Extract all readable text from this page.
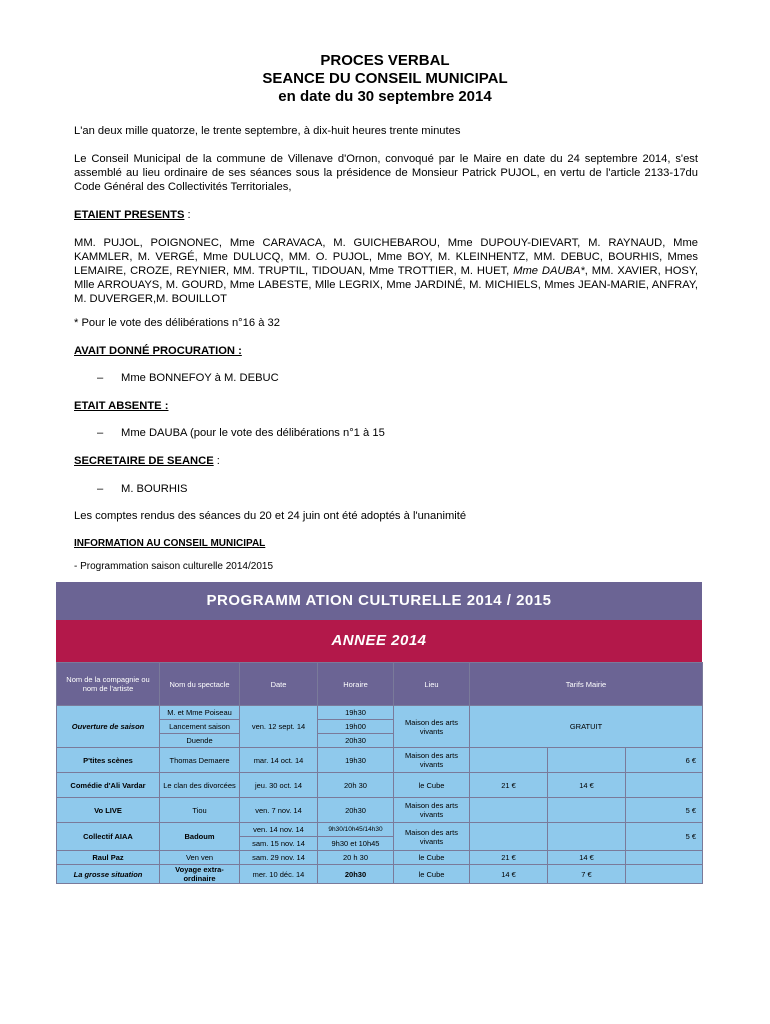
PROCES VERBAL
SEANCE DU CONSEIL MUNICIPAL
en date du 30 septembre 2014
L'an deux mille quatorze, le trente septembre, à dix-huit heures trente minutes
Le Conseil Municipal de la commune de Villenave d'Ornon, convoqué par le Maire en date du 24 septembre 2014, s'est assemblé au lieu ordinaire de ses séances sous la présidence de Monsieur Patrick PUJOL, en vertu de l'article 2133-17du Code Général des Collectivités Territoriales,
ETAIENT PRESENTS :
MM. PUJOL, POIGNONEC, Mme CARAVACA, M. GUICHEBAROU, Mme DUPOUY-DIEVART, M. RAYNAUD, Mme KAMMLER, M. VERGÉ, Mme DULUCQ, MM. O. PUJOL, Mme BOY, M. KLEINHENTZ, MM. DEBUC, BOURHIS, Mmes LEMAIRE, CROZE, REYNIER, MM. TRUPTIL, TIDOUAN, Mme TROTTIER, M. HUET, Mme DAUBA*, MM. XAVIER, HOSY, Mlle ARROUAYS, M. GOURD, Mme LABESTE, Mlle LEGRIX, Mme JARDINÉ, M. MICHIELS, Mmes JEAN-MARIE, ANFRAY, M. DUVERGER,M. BOUILLOT
* Pour le vote des délibérations n°16 à 32
AVAIT DONNÉ PROCURATION :
– Mme BONNEFOY à M. DEBUC
ETAIT ABSENTE :
– Mme DAUBA (pour le vote des délibérations n°1 à 15
SECRETAIRE DE SEANCE :
– M. BOURHIS
Les comptes rendus des séances du 20 et 24 juin ont été adoptés à l'unanimité
INFORMATION AU CONSEIL MUNICIPAL
- Programmation saison culturelle 2014/2015
PROGRAMM ATION CULTURELLE 2014 / 2015
ANNEE 2014
Nom de la compagnie ou nom de l'artiste	Nom du spectacle	Date	Horaire	Lieu	Tarifs Mairie		
Ouverture de saison	M. et Mme Poiseau	ven. 12 sept. 14	19h30	Maison des arts vivants	GRATUIT		
	Lancement saison		19h00				
	Duende		20h30				
P'tites scènes	Thomas Demaere	mar. 14 oct. 14	19h30	Maison des arts vivants			6 €
Comédie d'Ali Vardar	Le clan des divorcées	jeu. 30 oct. 14	20h 30	le Cube	21 €	14 €	
Vo LIVE	Tiou	ven. 7 nov. 14	20h30	Maison des arts vivants			5 €
Collectif AIAA	Badoum	ven. 14 nov. 14	9h30/10h45/14h30	Maison des arts vivants			5 €
		sam. 15 nov. 14	9h30 et 10h45				
Raul Paz	Ven ven	sam. 29 nov. 14	20 h 30	le Cube	21 €	14 €	
La grosse situation	Voyage extra-ordinaire	mer. 10 déc. 14	20h30	le Cube	14 €	7 €	
